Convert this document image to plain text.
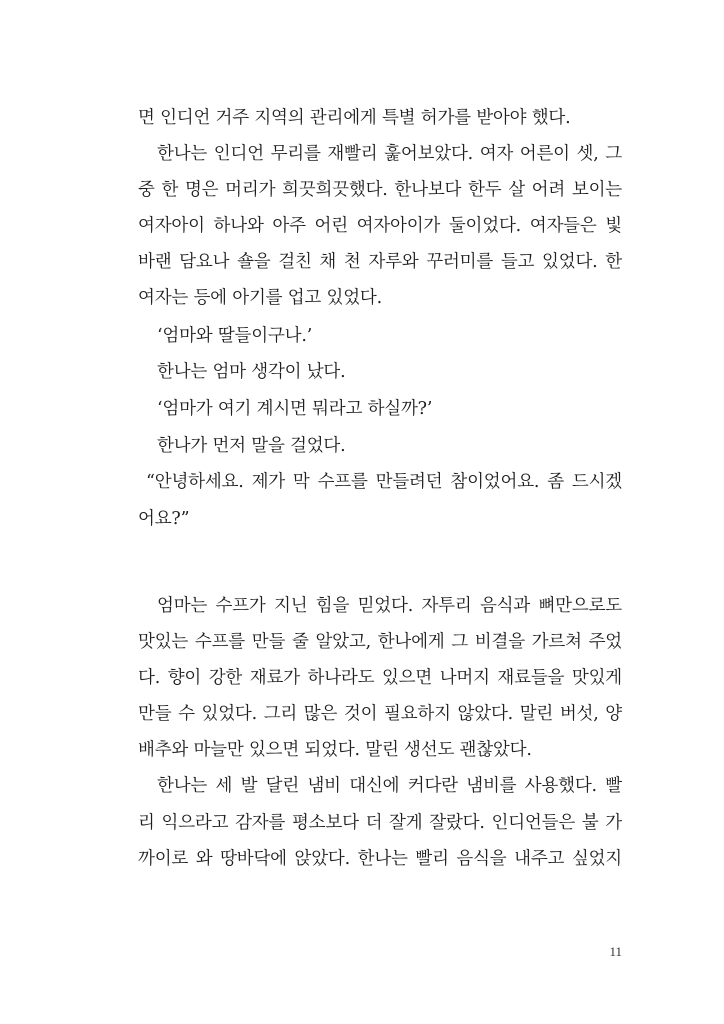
면 인디언 거주 지역의 관리에게 특별 허가를 받아야 했다.
한나는 인디언 무리를 재빨리 훑어보았다. 여자 어른이 셋, 그
중 한 명은 머리가 희끗희끗했다. 한나보다 한두 살 어려 보이는
여자아이 하나와 아주 어린 여자아이가 둘이었다. 여자들은 빛
바랜 담요나 숄을 걸친 채 천 자루와 꾸러미를 들고 있었다. 한
여자는 등에 아기를 업고 있었다.
‘엄마와 딸들이구나.’
한나는 엄마 생각이 났다.
‘엄마가 여기 계시면 뭐라고 하실까?’
한나가 먼저 말을 걸었다.
“안녕하세요. 제가 막 수프를 만들려던 참이었어요. 좀 드시겠
어요?”
엄마는 수프가 지닌 힘을 믿었다. 자투리 음식과 뼈만으로도
맛있는 수프를 만들 줄 알았고, 한나에게 그 비결을 가르쳐 주었
다. 향이 강한 재료가 하나라도 있으면 나머지 재료들을 맛있게
만들 수 있었다. 그리 많은 것이 필요하지 않았다. 말린 버섯, 양
배추와 마늘만 있으면 되었다. 말린 생선도 괜찮았다.
한나는 세 발 달린 냄비 대신에 커다란 냄비를 사용했다. 빨
리 익으라고 감자를 평소보다 더 잘게 잘랐다. 인디언들은 불 가
까이로 와 땅바닥에 앉았다. 한나는 빨리 음식을 내주고 싶었지
11
